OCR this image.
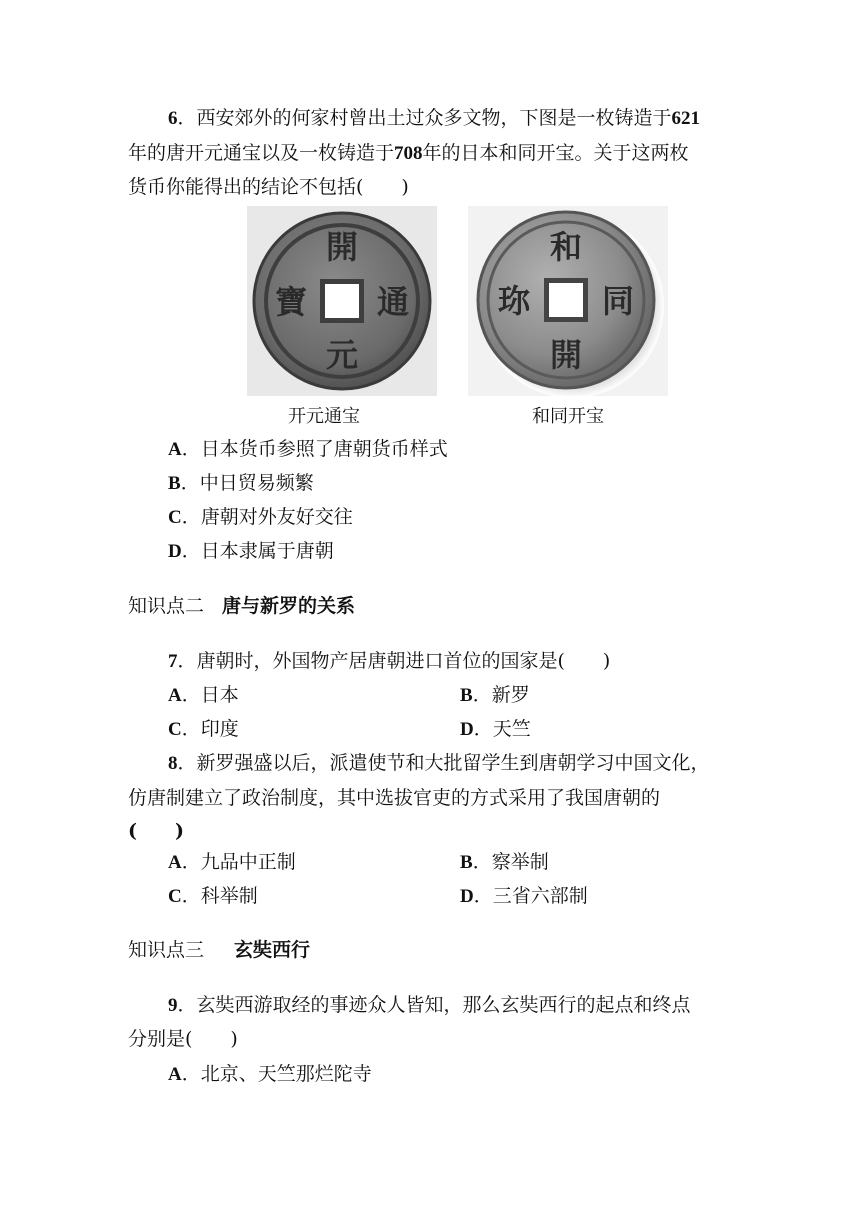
6．西安郊外的何家村曾出土过众多文物，下图是一枚铸造于621
年的唐开元通宝以及一枚铸造于708年的日本和同开宝。关于这两枚
货币你能得出的结论不包括(　　)
開
通
元
寶
和
同
開
珎
开元通宝	和同开宝
A．日本货币参照了唐朝货币样式
B．中日贸易频繁
C．唐朝对外友好交往
D．日本隶属于唐朝
知识点二 唐与新罗的关系
7．唐朝时，外国物产居唐朝进口首位的国家是(　　)
A．日本	B．新罗
C．印度	D．天竺
8．新罗强盛以后，派遣使节和大批留学生到唐朝学习中国文化，
仿唐制建立了政治制度，其中选拔官吏的方式采用了我国唐朝的
(　　)
A．九品中正制	B．察举制
C．科举制	D．三省六部制
知识点三 玄奘西行
9．玄奘西游取经的事迹众人皆知，那么玄奘西行的起点和终点
分别是(　　)
A．北京、天竺那烂陀寺
